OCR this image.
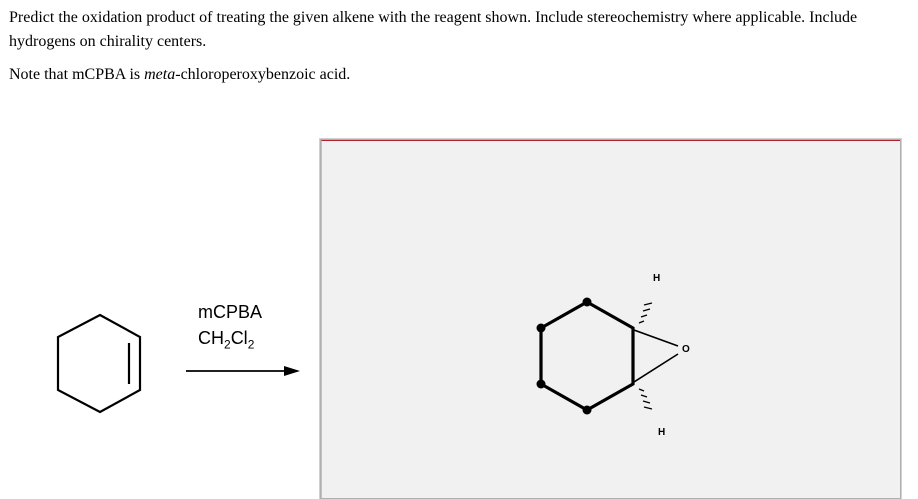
Predict the oxidation product of treating the given alkene with the reagent shown. Include stereochemistry where applicable. Include hydrogens on chirality centers.
Note that mCPBA is meta-chloroperoxybenzoic acid.
mCPBA
$CH_2Cl_2$
H
H
O
